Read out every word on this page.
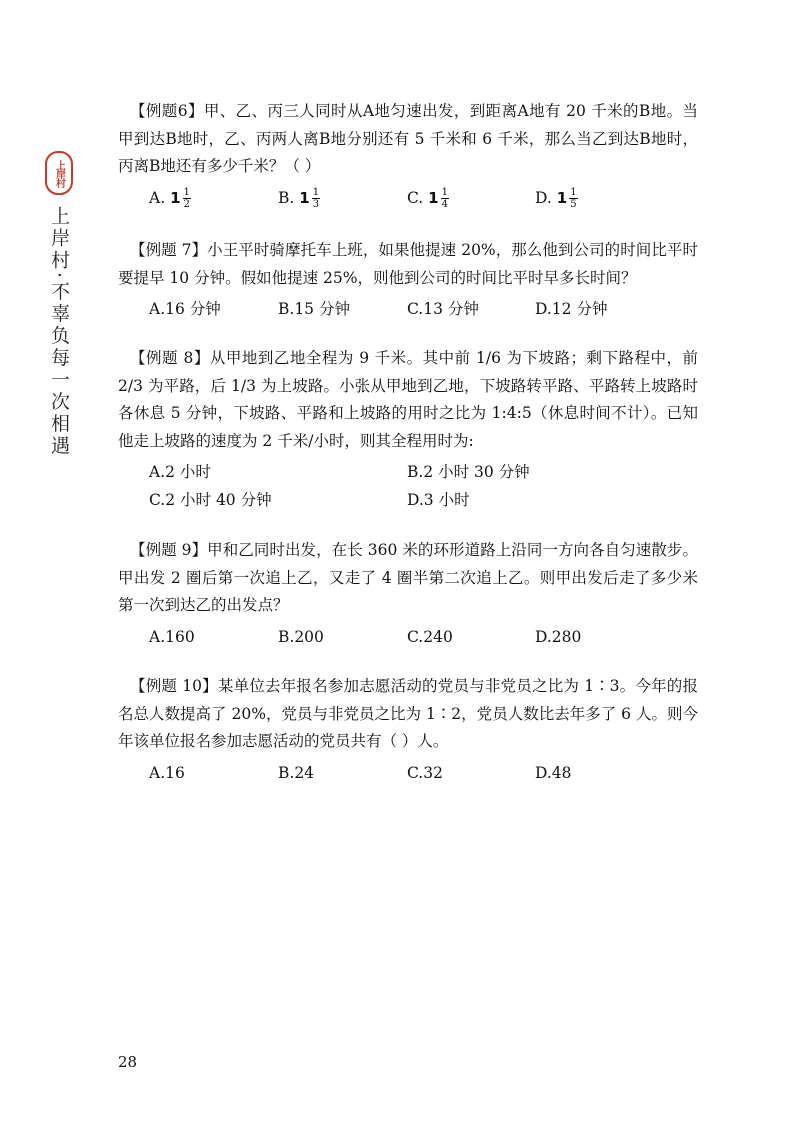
上岸村
上岸村·不辜负每一次相遇

【例题6】甲、乙、丙三人同时从A地匀速出发，到距离A地有 20 千米的B地。当甲到达B地时，乙、丙两人离B地分别还有 5 千米和 6 千米，那么当乙到达B地时，丙离B地还有多少千米？（ ）

A. $1 \frac{1}{2}$	B. $1 \frac{1}{3}$	C. $1 \frac{1}{4}$	D. $1 \frac{1}{5}$

【例题 7】小王平时骑摩托车上班，如果他提速 20%，那么他到公司的时间比平时要提早 10 分钟。假如他提速 25%，则他到公司的时间比平时早多长时间？

A.16 分钟	B.15 分钟	C.13 分钟	D.12 分钟

【例题 8】从甲地到乙地全程为 9 千米。其中前 1/6 为下坡路；剩下路程中，前 2/3 为平路，后 1/3 为上坡路。小张从甲地到乙地，下坡路转平路、平路转上坡路时各休息 5 分钟，下坡路、平路和上坡路的用时之比为 1:4:5（休息时间不计）。已知他走上坡路的速度为 2 千米/小时，则其全程用时为:

A.2 小时	B.2 小时 30 分钟
C.2 小时 40 分钟	D.3 小时

【例题 9】甲和乙同时出发，在长 360 米的环形道路上沿同一方向各自匀速散步。甲出发 2 圈后第一次追上乙，又走了 4 圈半第二次追上乙。则甲出发后走了多少米第一次到达乙的出发点？

A.160	B.200	C.240	D.280

【例题 10】某单位去年报名参加志愿活动的党员与非党员之比为 1∶3。今年的报名总人数提高了 20%，党员与非党员之比为 1∶2，党员人数比去年多了 6 人。则今年该单位报名参加志愿活动的党员共有（ ）人。

A.16	B.24	C.32	D.48
28
